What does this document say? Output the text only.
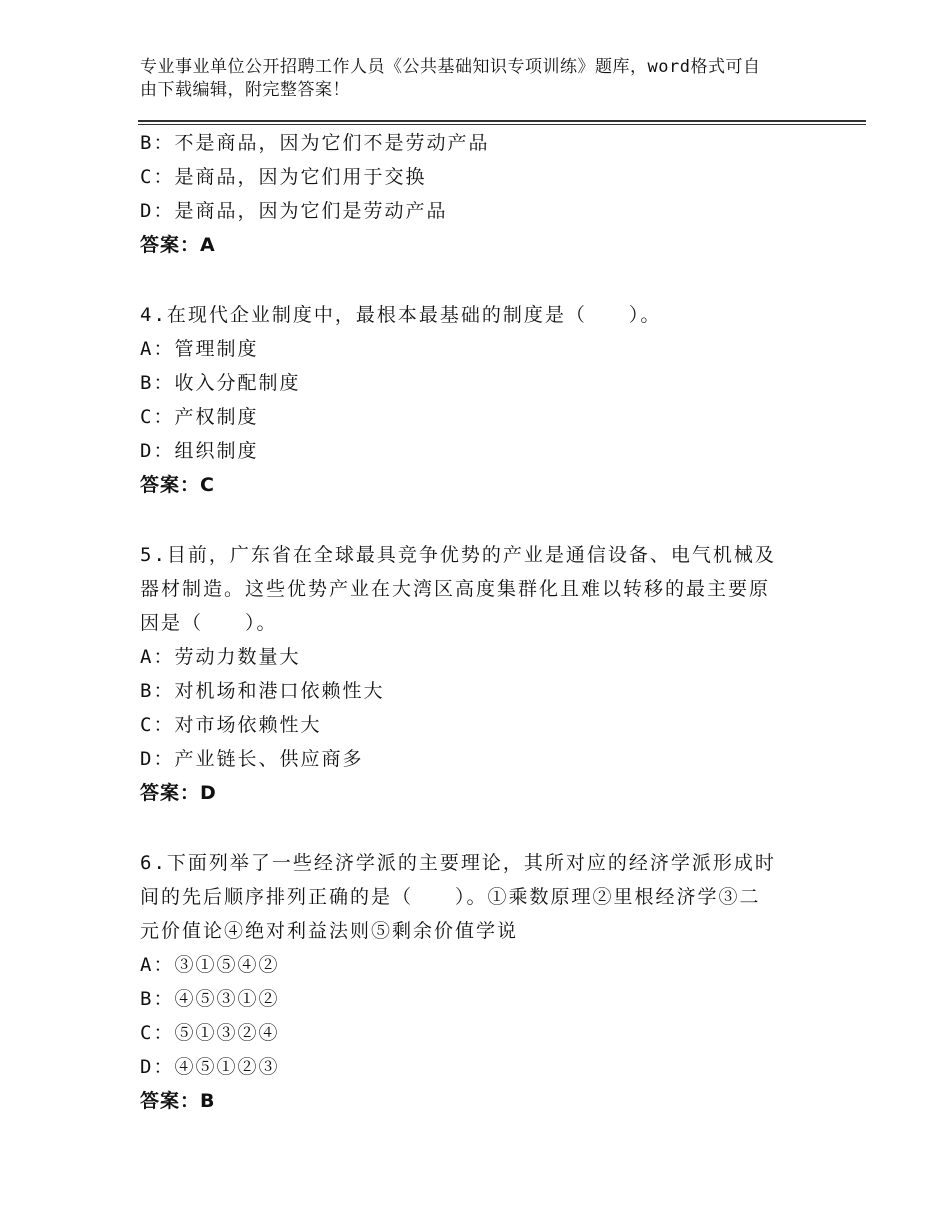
专业事业单位公开招聘工作人员《公共基础知识专项训练》题库，word格式可自
由下载编辑，附完整答案！
B：不是商品，因为它们不是劳动产品
C：是商品，因为它们用于交换
D：是商品，因为它们是劳动产品
答案：A
4.在现代企业制度中，最根本最基础的制度是（　　）。
A：管理制度
B：收入分配制度
C：产权制度
D：组织制度
答案：C
5.目前，广东省在全球最具竞争优势的产业是通信设备、电气机械及
器材制造。这些优势产业在大湾区高度集群化且难以转移的最主要原
因是（　　）。
A：劳动力数量大
B：对机场和港口依赖性大
C：对市场依赖性大
D：产业链长、供应商多
答案：D
6.下面列举了一些经济学派的主要理论，其所对应的经济学派形成时
间的先后顺序排列正确的是（　　）。①乘数原理②里根经济学③二
元价值论④绝对利益法则⑤剩余价值学说
A：③①⑤④②
B：④⑤③①②
C：⑤①③②④
D：④⑤①②③
答案：B
